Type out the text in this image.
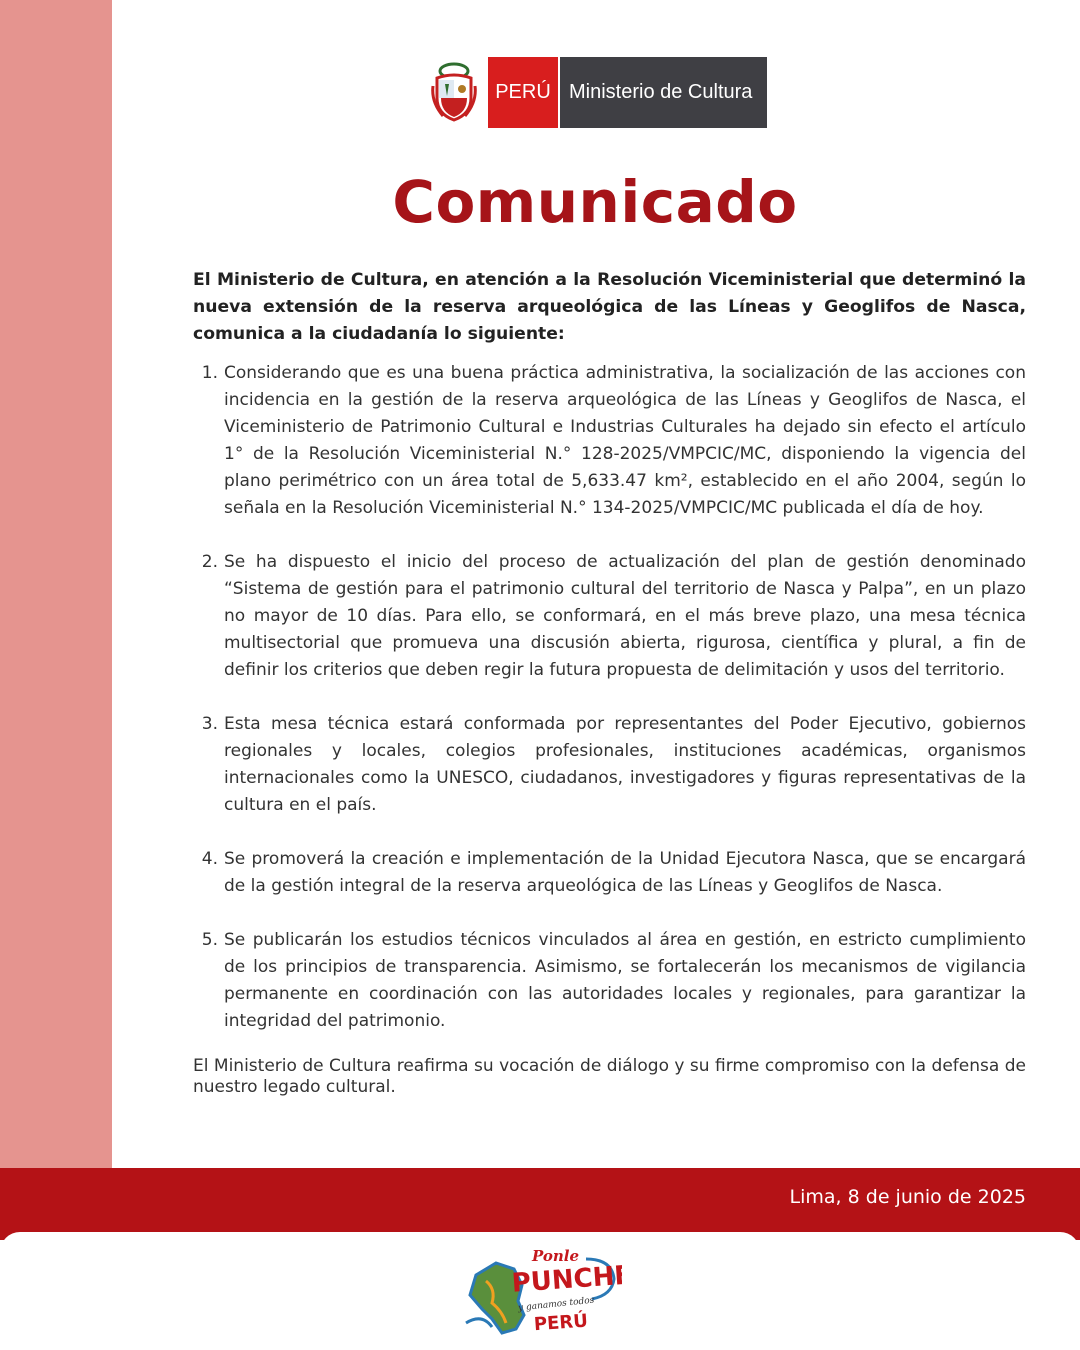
PERÚ Ministerio de Cultura
Comunicado

El Ministerio de Cultura, en atención a la Resolución Viceministerial que determinó la nueva extensión de la reserva arqueológica de las Líneas y Geoglifos de Nasca, comunica a la ciudadanía lo siguiente:

1. Considerando que es una buena práctica administrativa, la socialización de las acciones con incidencia en la gestión de la reserva arqueológica de las Líneas y Geoglifos de Nasca, el Viceministerio de Patrimonio Cultural e Industrias Culturales ha dejado sin efecto el artículo 1° de la Resolución Viceministerial N.° 128-2025/VMPCIC/MC, disponiendo la vigencia del plano perimétrico con un área total de 5,633.47 km², establecido en el año 2004, según lo señala en la Resolución Viceministerial N.° 134-2025/VMPCIC/MC publicada el día de hoy.
2. Se ha dispuesto el inicio del proceso de actualización del plan de gestión denominado “Sistema de gestión para el patrimonio cultural del territorio de Nasca y Palpa”, en un plazo no mayor de 10 días. Para ello, se conformará, en el más breve plazo, una mesa técnica multisectorial que promueva una discusión abierta, rigurosa, científica y plural, a fin de definir los criterios que deben regir la futura propuesta de delimitación y usos del territorio.
3. Esta mesa técnica estará conformada por representantes del Poder Ejecutivo, gobiernos regionales y locales, colegios profesionales, instituciones académicas, organismos internacionales como la UNESCO, ciudadanos, investigadores y figuras representativas de la cultura en el país.
4. Se promoverá la creación e implementación de la Unidad Ejecutora Nasca, que se encargará de la gestión integral de la reserva arqueológica de las Líneas y Geoglifos de Nasca.
5. Se publicarán los estudios técnicos vinculados al área en gestión, en estricto cumplimiento de los principios de transparencia. Asimismo, se fortalecerán los mecanismos de vigilancia permanente en coordinación con las autoridades locales y regionales, para garantizar la integridad del patrimonio.

El Ministerio de Cultura reafirma su vocación de diálogo y su firme compromiso con la defensa de nuestro legado cultural.

Lima, 8 de junio de 2025
Ponle
PUNCHE
y ganamos todos
PERÚ
